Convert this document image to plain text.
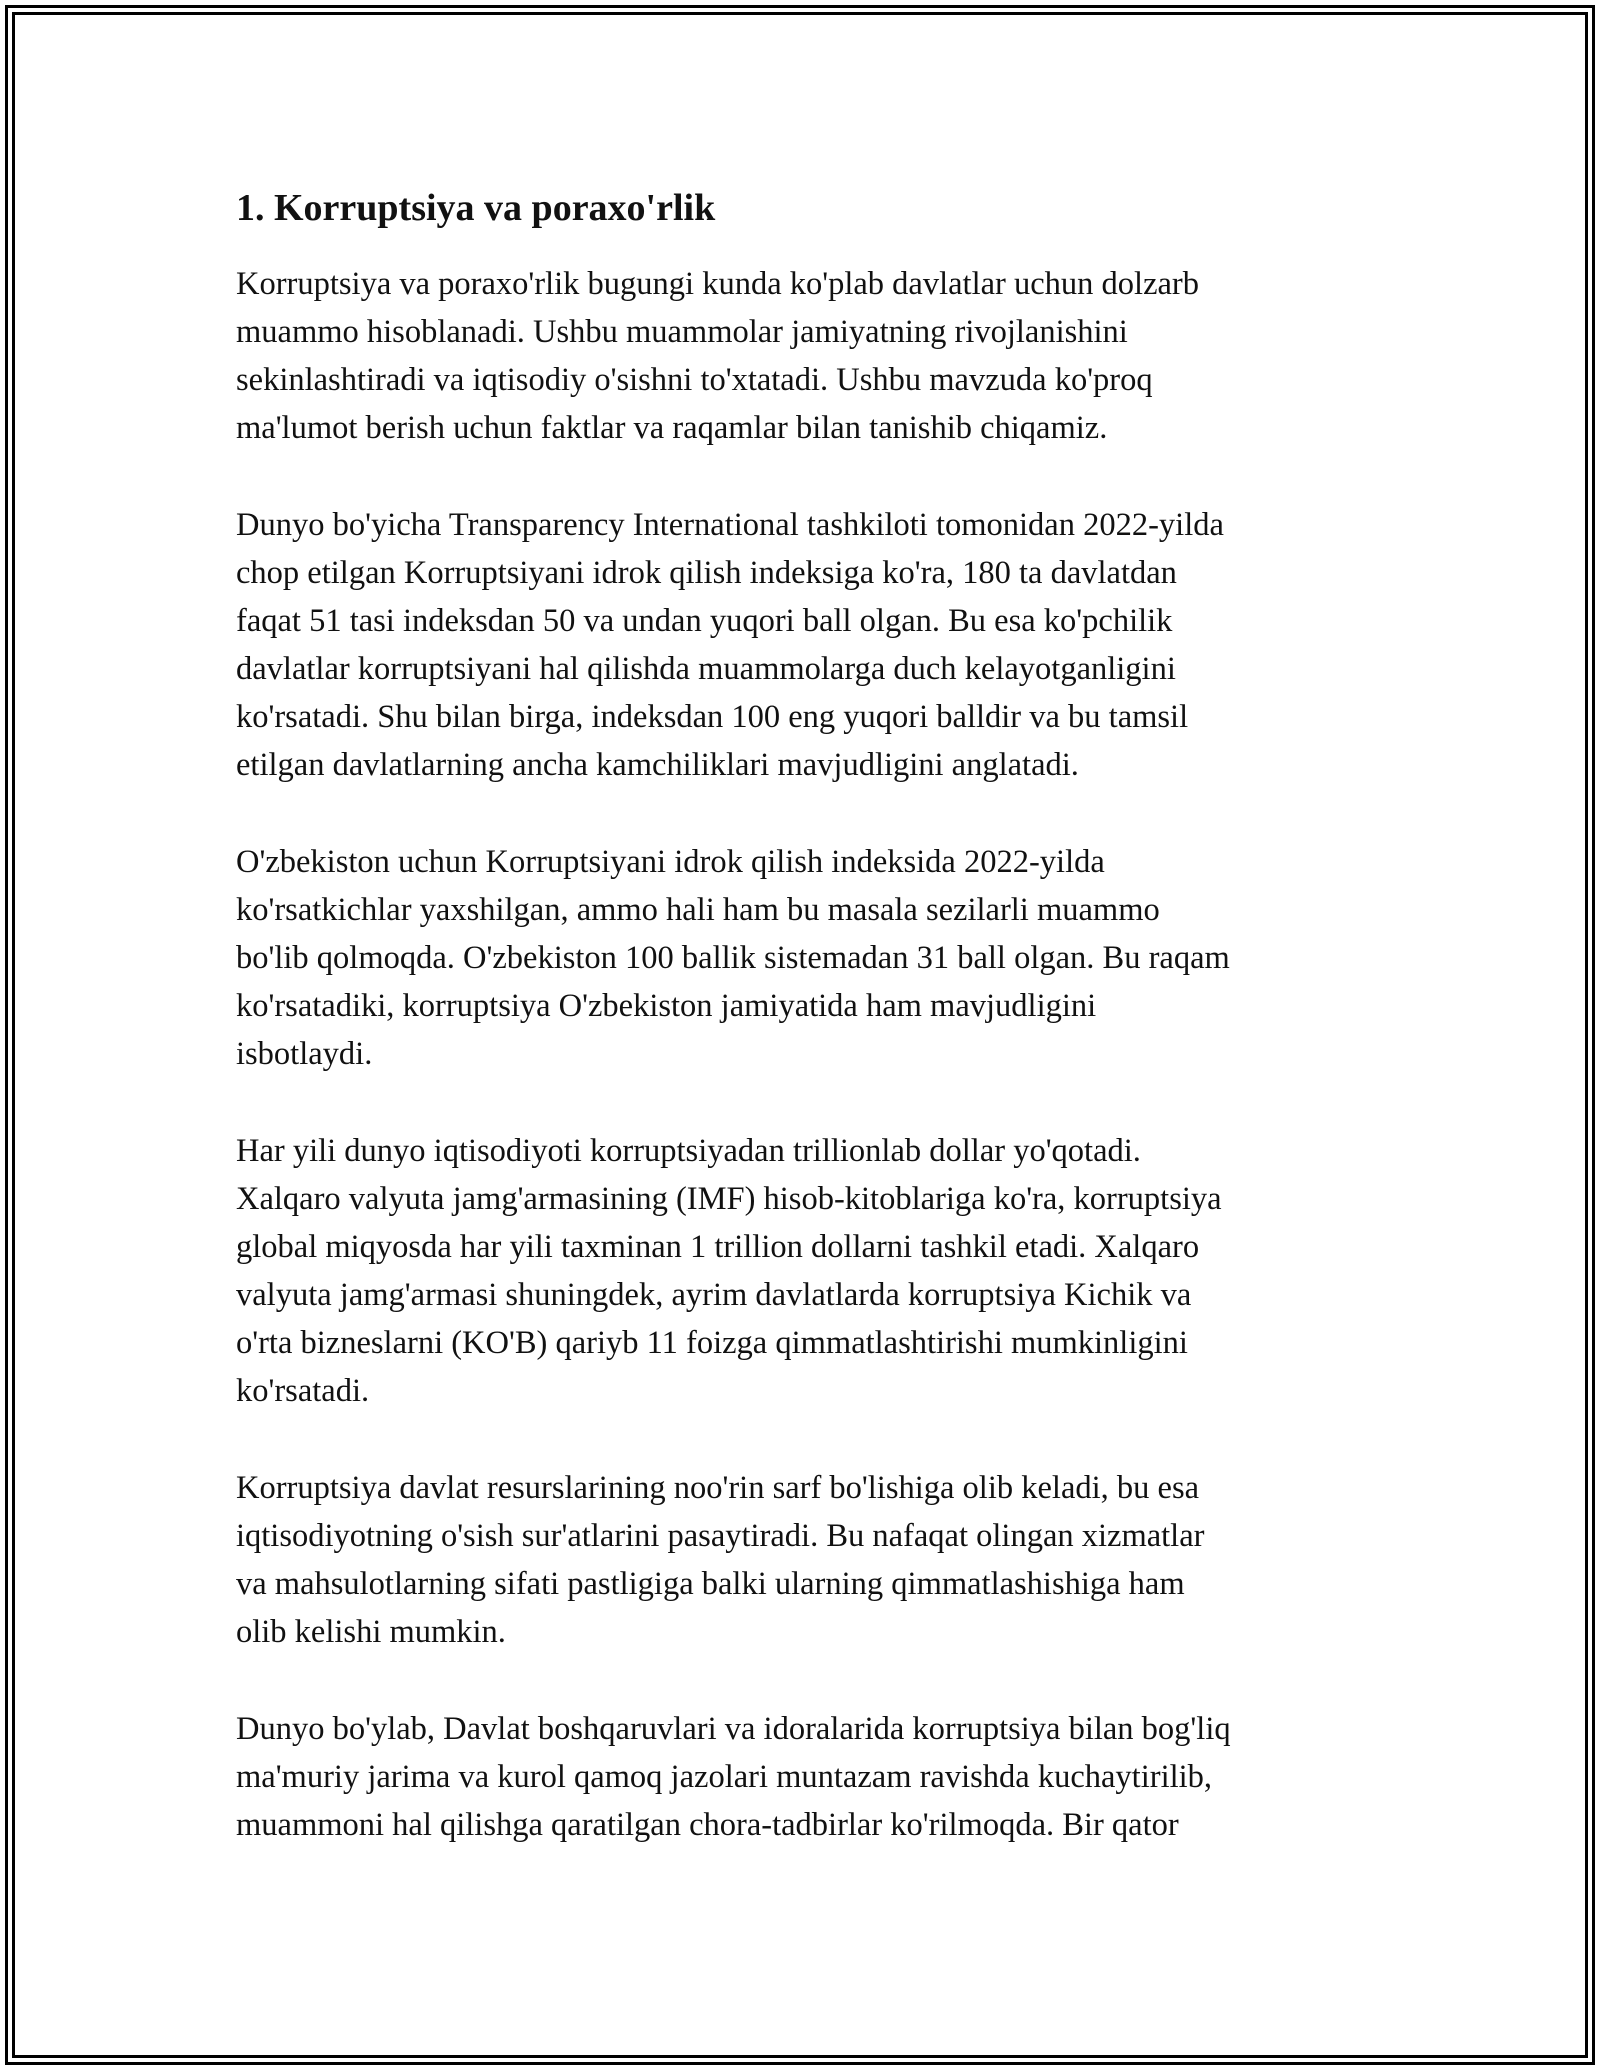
1. Korruptsiya va poraxo'rlik

Korruptsiya va poraxo'rlik bugungi kunda ko'plab davlatlar uchun dolzarb
muammo hisoblanadi. Ushbu muammolar jamiyatning rivojlanishini
sekinlashtiradi va iqtisodiy o'sishni to'xtatadi. Ushbu mavzuda ko'proq
ma'lumot berish uchun faktlar va raqamlar bilan tanishib chiqamiz.

Dunyo bo'yicha Transparency International tashkiloti tomonidan 2022-yilda
chop etilgan Korruptsiyani idrok qilish indeksiga ko'ra, 180 ta davlatdan
faqat 51 tasi indeksdan 50 va undan yuqori ball olgan. Bu esa ko'pchilik
davlatlar korruptsiyani hal qilishda muammolarga duch kelayotganligini
ko'rsatadi. Shu bilan birga, indeksdan 100 eng yuqori balldir va bu tamsil
etilgan davlatlarning ancha kamchiliklari mavjudligini anglatadi.

O'zbekiston uchun Korruptsiyani idrok qilish indeksida 2022-yilda
ko'rsatkichlar yaxshilgan, ammo hali ham bu masala sezilarli muammo
bo'lib qolmoqda. O'zbekiston 100 ballik sistemadan 31 ball olgan. Bu raqam
ko'rsatadiki, korruptsiya O'zbekiston jamiyatida ham mavjudligini
isbotlaydi.

Har yili dunyo iqtisodiyoti korruptsiyadan trillionlab dollar yo'qotadi.
Xalqaro valyuta jamg'armasining (IMF) hisob-kitoblariga ko'ra, korruptsiya
global miqyosda har yili taxminan 1 trillion dollarni tashkil etadi. Xalqaro
valyuta jamg'armasi shuningdek, ayrim davlatlarda korruptsiya Kichik va
o'rta bizneslarni (KO'B) qariyb 11 foizga qimmatlashtirishi mumkinligini
ko'rsatadi.

Korruptsiya davlat resurslarining noo'rin sarf bo'lishiga olib keladi, bu esa
iqtisodiyotning o'sish sur'atlarini pasaytiradi. Bu nafaqat olingan xizmatlar
va mahsulotlarning sifati pastligiga balki ularning qimmatlashishiga ham
olib kelishi mumkin.

Dunyo bo'ylab, Davlat boshqaruvlari va idoralarida korruptsiya bilan bog'liq
ma'muriy jarima va kurol qamoq jazolari muntazam ravishda kuchaytirilib,
muammoni hal qilishga qaratilgan chora-tadbirlar ko'rilmoqda. Bir qator
